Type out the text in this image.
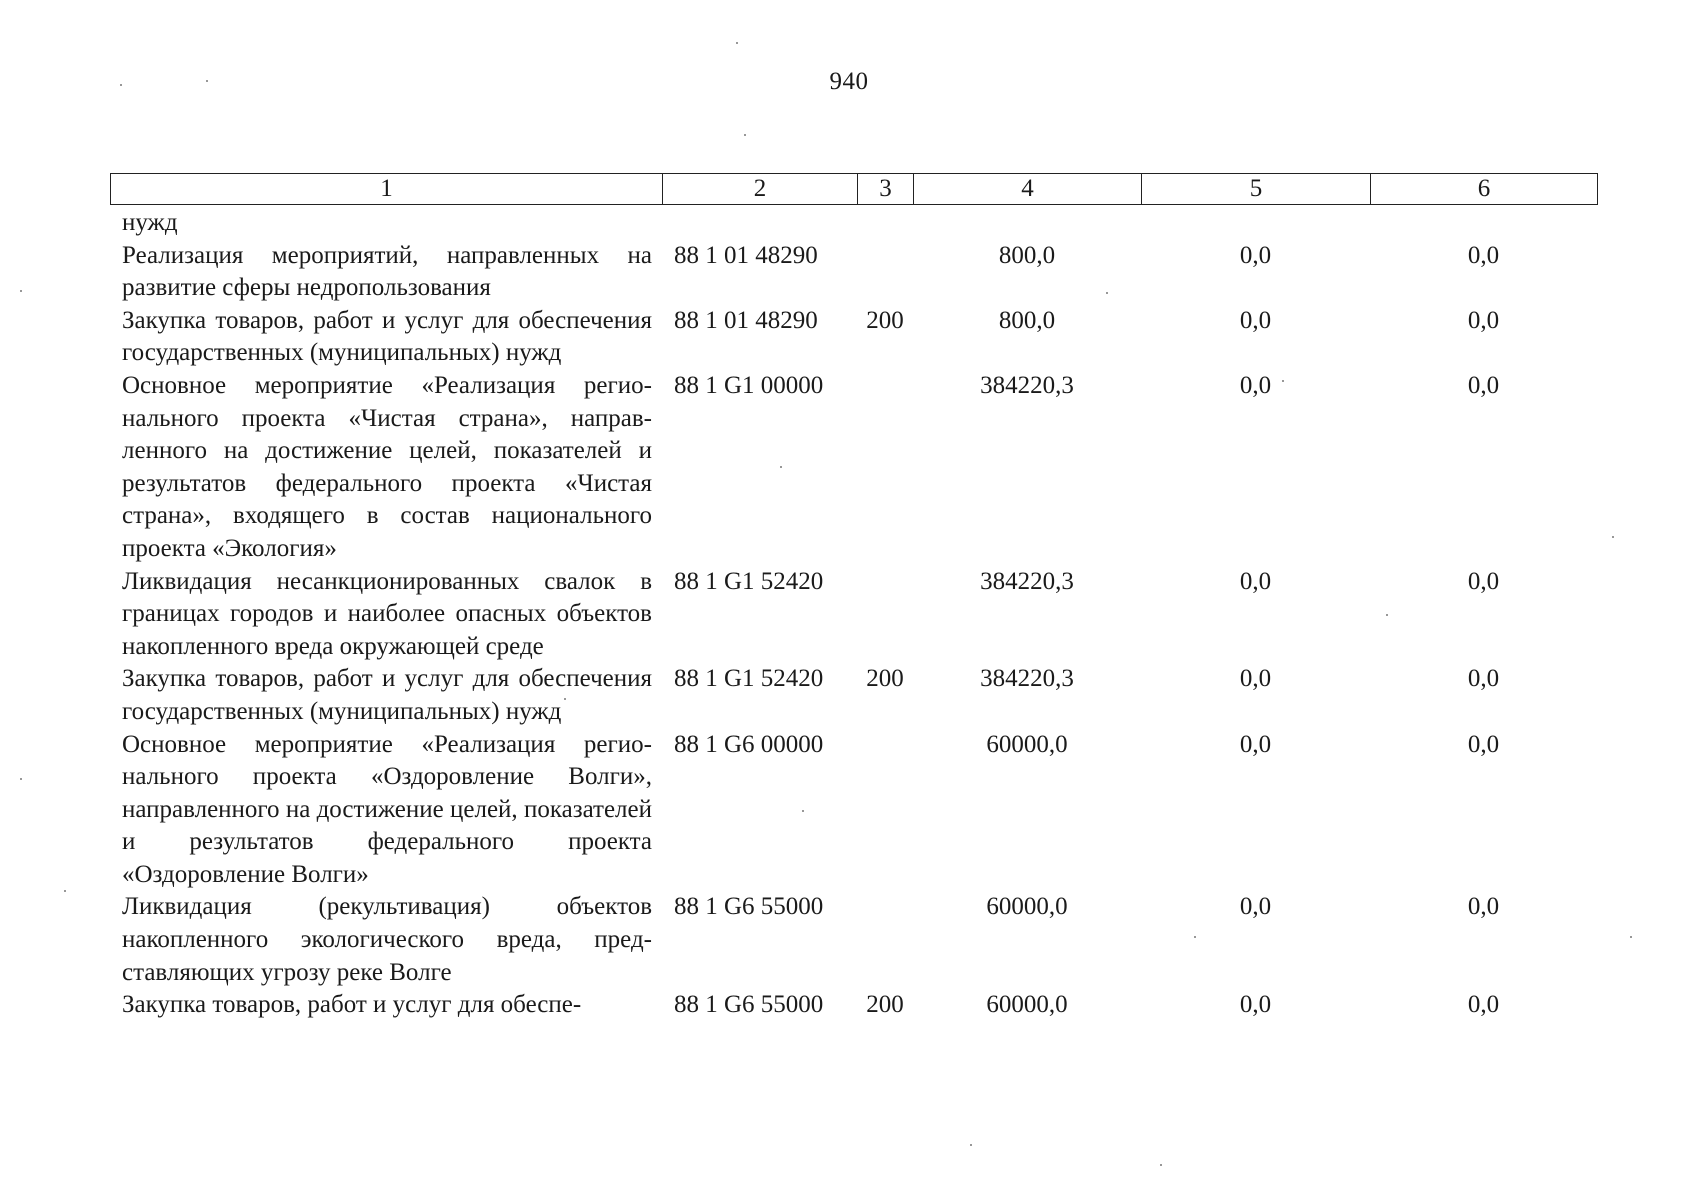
940
1	2	3	4	5	6
нужд					
Реализация мероприятий, направленных на развитие сферы недропользования	88 1 01 48290		800,0	0,0	0,0
Закупка товаров, работ и услуг для обеспечения государственных (муниципальных) нужд	88 1 01 48290	200	800,0	0,0	0,0
Основное мероприятие «Реализация регионального проекта «Чистая страна», направленного на достижение целей, показателей и результатов федерального проекта «Чистая страна», входящего в состав национального проекта «Экология»	88 1 G1 00000		384220,3	0,0	0,0
Ликвидация несанкционированных свалок в границах городов и наиболее опасных объектов накопленного вреда окружающей среде	88 1 G1 52420		384220,3	0,0	0,0
Закупка товаров, работ и услуг для обеспечения государственных (муниципальных) нужд	88 1 G1 52420	200	384220,3	0,0	0,0
Основное мероприятие «Реализация регионального проекта «Оздоровление Волги», направленного на достижение целей, показателей и результатов федерального проекта «Оздоровление Волги»	88 1 G6 00000		60000,0	0,0	0,0
Ликвидация (рекультивация) объектов накопленного экологического вреда, представляющих угрозу реке Волге	88 1 G6 55000		60000,0	0,0	0,0
Закупка товаров, работ и услуг для обеспе-	88 1 G6 55000	200	60000,0	0,0	0,0
